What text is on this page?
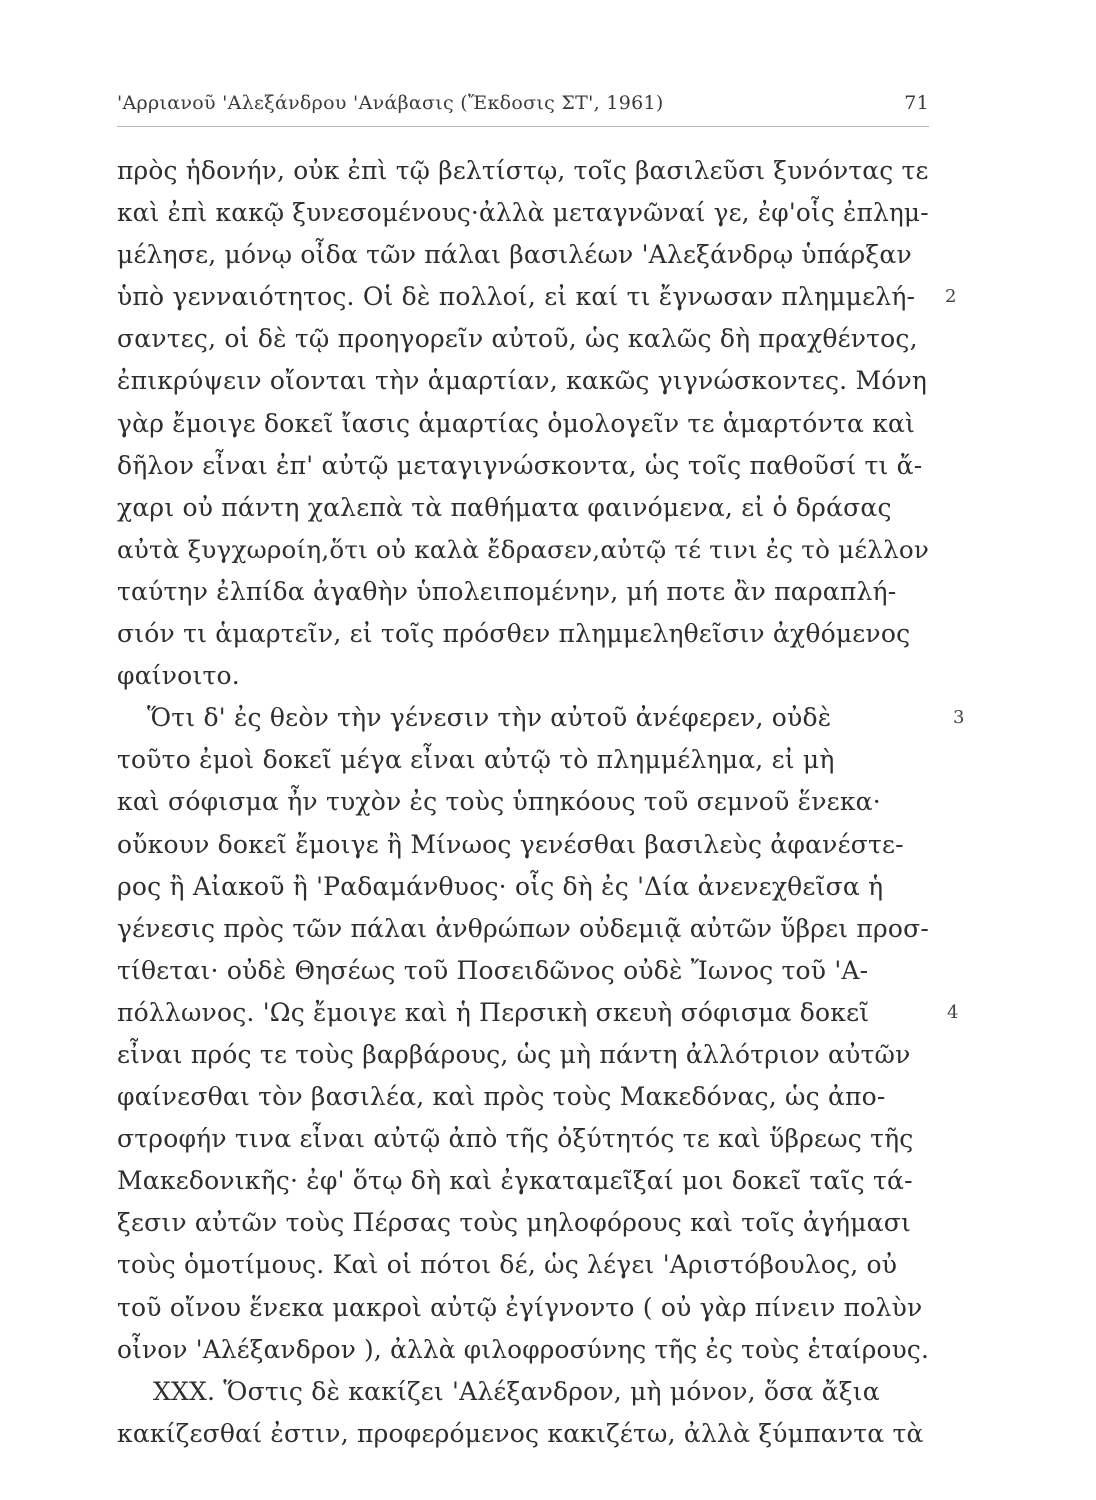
'Αρριανοῦ 'Αλεξάνδρου 'Ανάβασις (Ἔκδοσις ΣΤ', 1961)	71
πρὸς ἡδονήν, οὐκ ἐπὶ τῷ βελτίστῳ, τοῖς βασιλεῦσι ξυνόντας τε
καὶ ἐπὶ κακῷ ξυνεσομένους·ἀλλὰ μεταγνῶναί γε, ἐφ'οἷς ἐπλημ-
μέλησε, μόνῳ οἶδα τῶν πάλαι βασιλέων 'Αλεξάνδρῳ ὑπάρξαν
ὑπὸ γενναιότητος. Οἱ δὲ πολλοί, εἰ καί τι ἔγνωσαν πλημμελή- 2
σαντες, οἱ δὲ τῷ προηγορεῖν αὐτοῦ, ὡς καλῶς δὴ πραχθέντος,
ἐπικρύψειν οἴονται τὴν ἁμαρτίαν, κακῶς γιγνώσκοντες. Μόνη
γὰρ ἔμοιγε δοκεῖ ἴασις ἁμαρτίας ὁμολογεῖν τε ἁμαρτόντα καὶ
δῆλον εἶναι ἐπ' αὐτῷ μεταγιγνώσκοντα, ὡς τοῖς παθοῦσί τι ἄ-
χαρι οὐ πάντη χαλεπὰ τὰ παθήματα φαινόμενα, εἰ ὁ δράσας
αὐτὰ ξυγχωροίη,ὅτι οὐ καλὰ ἔδρασεν,αὐτῷ τέ τινι ἐς τὸ μέλλον
ταύτην ἐλπίδα ἀγαθὴν ὑπολειπομένην, μή ποτε ἂν παραπλή-
σιόν τι ἁμαρτεῖν, εἰ τοῖς πρόσθεν πλημμεληθεῖσιν ἀχθόμενος
φαίνοιτο.
Ὅτι δ' ἐς θεὸν τὴν γένεσιν τὴν αὐτοῦ ἀνέφερεν, οὐδὲ	3
τοῦτο ἐμοὶ δοκεῖ μέγα εἶναι αὐτῷ τὸ πλημμέλημα, εἰ μὴ
καὶ σόφισμα ἦν τυχὸν ἐς τοὺς ὑπηκόους τοῦ σεμνοῦ ἕνεκα·
οὔκουν δοκεῖ ἔμοιγε ἢ Μίνωος γενέσθαι βασιλεὺς ἀφανέστε-
ρος ἢ Αἰακοῦ ἢ 'Ραδαμάνθυος· οἷς δὴ ἐς 'Δία ἀνενεχθεῖσα ἡ
γένεσις πρὸς τῶν πάλαι ἀνθρώπων οὐδεμιᾷ αὐτῶν ὕβρει προσ-
τίθεται· οὐδὲ Θησέως τοῦ Ποσειδῶνος οὐδὲ Ἴωνος τοῦ 'Α-
πόλλωνος. 'Ως ἔμοιγε καὶ ἡ Περσικὴ σκευὴ σόφισμα δοκεῖ	4
εἶναι πρός τε τοὺς βαρβάρους, ὡς μὴ πάντη ἀλλότριον αὐτῶν
φαίνεσθαι τὸν βασιλέα, καὶ πρὸς τοὺς Μακεδόνας, ὡς ἀπο-
στροφήν τινα εἶναι αὐτῷ ἀπὸ τῆς ὀξύτητός τε καὶ ὕβρεως τῆς
Μακεδονικῆς· ἐφ' ὅτῳ δὴ καὶ ἐγκαταμεῖξαί μοι δοκεῖ ταῖς τά-
ξεσιν αὐτῶν τοὺς Πέρσας τοὺς μηλοφόρους καὶ τοῖς ἀγήμασι
τοὺς ὁμοτίμους. Καὶ οἱ πότοι δέ, ὡς λέγει 'Αριστόβουλος, οὐ
τοῦ οἴνου ἕνεκα μακροὶ αὐτῷ ἐγίγνοντο ( οὐ γὰρ πίνειν πολὺν
οἶνον 'Αλέξανδρον ), ἀλλὰ φιλοφροσύνης τῆς ἐς τοὺς ἑταίρους.
XXX. Ὅστις δὲ κακίζει 'Αλέξανδρον, μὴ μόνον, ὅσα ἄξια
κακίζεσθαί ἐστιν, προφερόμενος κακιζέτω, ἀλλὰ ξύμπαντα τὰ
